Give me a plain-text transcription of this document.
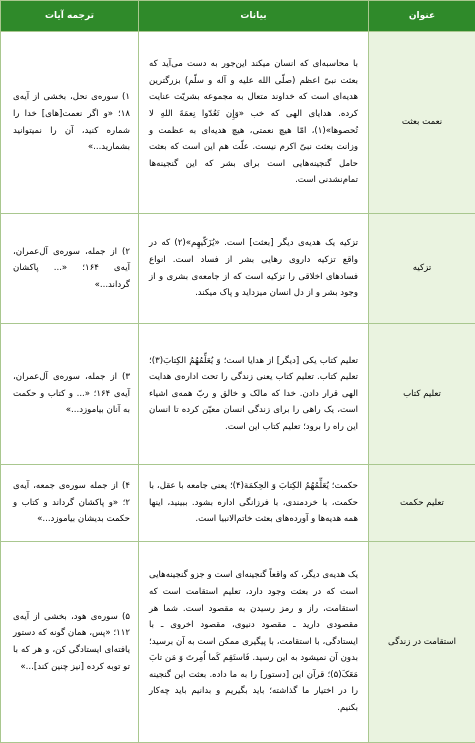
عنوان	بیانات	ترجمه آیات
نعمت بعثت	با محاسبه‌ای که انسان میکند این‌جور به دست می‌آید که بعثت نبیّ اعظم (صلّی الله علیه و آله و سلّم) بزرگترین هدیه‌ای است که خداوند متعال به مجموعه بشریّت عنایت کرده. هدایای الهی که خب «وَإِن تَعُدّوا نِعمَةَ اللهِ لا تُحصوها»(۱)، امّا هیچ نعمتی، هیچ هدیه‌ای به عظمت و وزانت بعثت نبیّ اکرم نیست. علّت هم این است که بعثت حامل گنجینه‌هایی است برای بشر که این گنجینه‌ها تمام‌نشدنی است.	۱) سوره‌ی نحل، بخشی از آیه‌ی ۱۸؛ «و اگر نعمت[های] خدا را شماره کنید، آن را نمیتوانید بشمارید...»
تزکیه	تزکیه یک هدیه‌ی دیگر [بعثت] است. «یُزَکّیهِم»(۲) که در واقع تزکیه داروی رهایی بشر از فساد است. انواع فسادهای اخلاقی را تزکیه است که از جامعه‌ی بشری و از وجود بشر و از دل انسان میزداید و پاک میکند.	۲) از جمله، سوره‌ی آل‌عمران، آیه‌ی ۱۶۴؛ «... پاکشان گرداند...»
تعلیم کتاب	تعلیم کتاب یکی [دیگر] از هدایا است؛ وَ یُعَلِّمُهُمُ الکِتابَ(۳)؛ تعلیم کتاب. تعلیم کتاب یعنی زندگی را تحت اداره‌ی هدایت الهی قرار دادن. خدا که مالک و خالق و ربّ همه‌ی اشیاء است، یک راهی را برای زندگی انسان معیّن کرده تا انسان این راه را برود؛ تعلیم کتاب این است.	۳) از جمله، سوره‌ی آل‌عمران، آیه‌ی ۱۶۴؛ «... و کتاب و حکمت به آنان بیاموزد...»
تعلیم حکمت	حکمت؛ یُعَلِّمُهُمُ الکِتابَ وَ الحِکمَة(۴)؛ یعنی جامعه با عقل، با حکمت، با خردمندی، با فرزانگی اداره بشود. ببینید، اینها همه هدیه‌ها و آورده‌های بعثت خاتم‌الانبیا است.	۴) از جمله سوره‌ی جمعه، آیه‌ی ۲؛ «و پاکشان گرداند و کتاب و حکمت بدیشان بیاموزد...»
استقامت در زندگی	یک هدیه‌ی دیگر، که واقعاً گنجینه‌ای است و جزو گنجینه‌هایی است که در بعثت وجود دارد، تعلیم استقامت است که استقامت، راز و رمز رسیدن به مقصود است. شما هر مقصودی دارید ـ مقصود دنیوی، مقصود اخروی ـ با ایستادگی، با استقامت، با پیگیری ممکن است به آن برسید؛ بدون آن نمیشود به این رسید. فَاستَقِم کَما اُمِرتَ وَ مَن تابَ مَعَکَ(۵)؛ قرآن این [دستور] را به ما داده. بعثت این گنجینه را در اختیار ما گذاشته؛ باید بگیریم و بدانیم باید چه‌کار بکنیم.	۵) سوره‌ی هود، بخشی از آیه‌ی ۱۱۲؛ «پس، همان گونه که دستور یافته‌ای ایستادگی کن، و هر که با تو توبه کرده [نیز چنین کند]...»
